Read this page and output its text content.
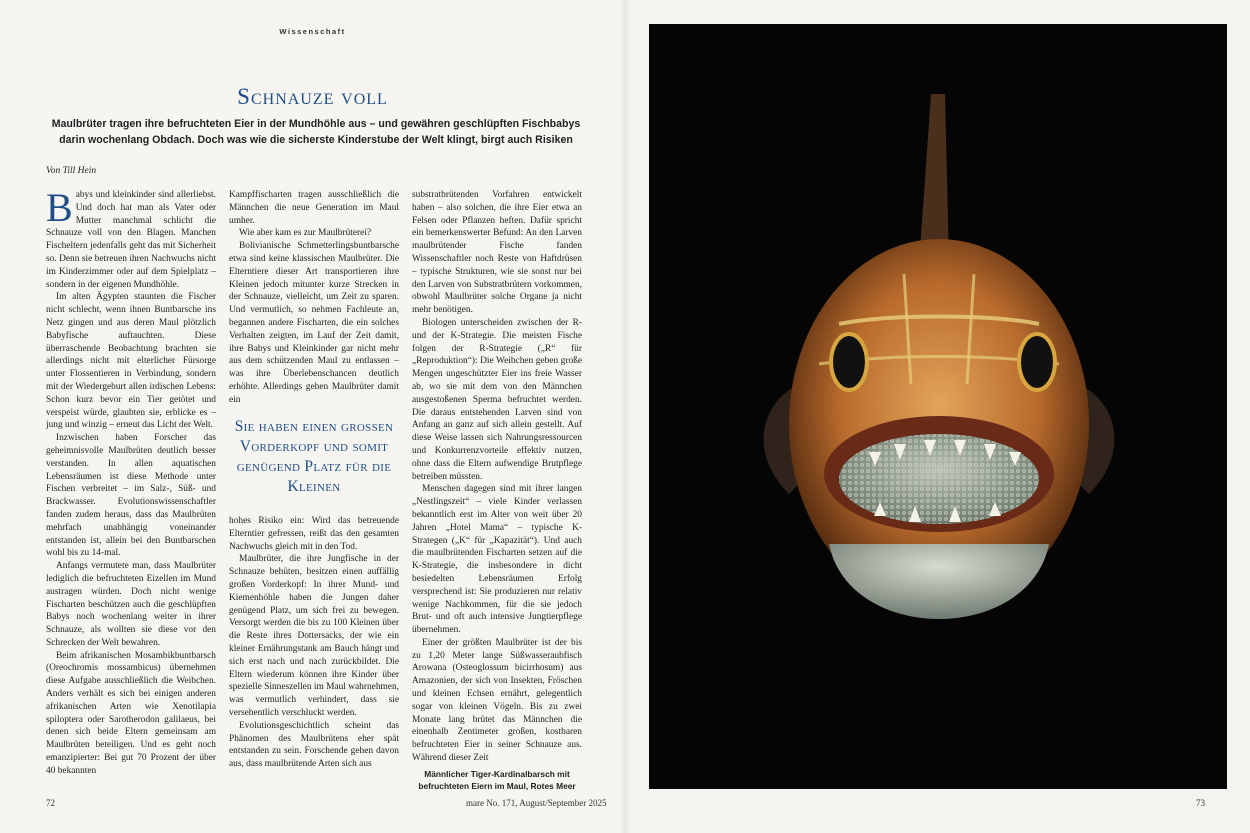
Wissenschaft
Schnauze voll
Maulbrüter tragen ihre befruchteten Eier in der Mundhöhle aus – und gewähren geschlüpften Fischbabys
darin wochenlang Obdach. Doch was wie die sicherste Kinderstube der Welt klingt, birgt auch Risiken
Von Till Hein

Babys und kleinkinder sind allerliebst. Und doch hat man als Vater oder Mutter manchmal schlicht die Schnauze voll von den Blagen. Manchen Fischeltern jedenfalls geht das mit Sicherheit so. Denn sie betreuen ihren Nachwuchs nicht im Kinderzimmer oder auf dem Spielplatz – sondern in der eigenen Mundhöhle.

Im alten Ägypten staunten die Fischer nicht schlecht, wenn ihnen Buntbarsche ins Netz gingen und aus deren Maul plötzlich Babyfische auftauchten. Diese überraschende Beobachtung brachten sie allerdings nicht mit elterlicher Fürsorge unter Flossentieren in Verbindung, sondern mit der Wiedergeburt allen irdischen Lebens: Schon kurz bevor ein Tier getötet und verspeist würde, glaubten sie, erblicke es – jung und winzig – erneut das Licht der Welt.

Inzwischen haben Forscher das geheimnisvolle Maulbrüten deutlich besser verstanden. In allen aquatischen Lebensräumen ist diese Methode unter Fischen verbreitet – im Salz-, Süß- und Brackwasser. Evolutionswissenschaftler fanden zudem heraus, dass das Maulbrüten mehrfach unabhängig voneinander entstanden ist, allein bei den Buntbarschen wohl bis zu 14-mal.

Anfangs vermutete man, dass Maulbrüter lediglich die befruchteten Eizellen im Mund austragen würden. Doch nicht wenige Fischarten beschützen auch die geschlüpften Babys noch wochenlang weiter in ihrer Schnauze, als wollten sie diese vor den Schrecken der Welt bewahren.

Beim afrikanischen Mosambikbuntbarsch (Oreochromis mossambicus) übernehmen diese Aufgabe ausschließlich die Weibchen. Anders verhält es sich bei einigen anderen afrikanischen Arten wie Xenotilapia spiloptera oder Sarotherodon galilaeus, bei denen sich beide Eltern gemeinsam am Maulbrüten beteiligen. Und es geht noch emanzipierter: Bei gut 70 Prozent der über 40 bekannten

Kampffischarten tragen ausschließlich die Männchen die neue Generation im Maul umher.

Wie aber kam es zur Maulbrüterei?

Bolivianische Schmetterlingsbuntbarsche etwa sind keine klassischen Maulbrüter. Die Elterntiere dieser Art transportieren ihre Kleinen jedoch mitunter kurze Strecken in der Schnauze, vielleicht, um Zeit zu sparen. Und vermutlich, so nehmen Fachleute an, begannen andere Fischarten, die ein solches Verhalten zeigten, im Lauf der Zeit damit, ihre Babys und Kleinkinder gar nicht mehr aus dem schützenden Maul zu entlassen – was ihre Überlebenschancen deutlich erhöhte. Allerdings gehen Maulbrüter damit ein

Sie haben einen grossen Vorderkopf und somit genügend Platz für die Kleinen

hohes Risiko ein: Wird das betreuende Elterntier gefressen, reißt das den gesamten Nachwuchs gleich mit in den Tod.

Maulbrüter, die ihre Jungfische in der Schnauze behüten, besitzen einen auffällig großen Vorderkopf: In ihrer Mund- und Kiemenhöhle haben die Jungen daher genügend Platz, um sich frei zu bewegen. Versorgt werden die bis zu 100 Kleinen über die Reste ihres Dottersacks, der wie ein kleiner Ernährungstank am Bauch hängt und sich erst nach und nach zurückbildet. Die Eltern wiederum können ihre Kinder über spezielle Sinneszellen im Maul wahrnehmen, was vermutlich verhindert, dass sie versehentlich verschluckt werden.

Evolutionsgeschichtlich scheint das Phänomen des Maulbrütens eher spät entstanden zu sein. Forschende gehen davon aus, dass maulbrütende Arten sich aus

substratbrütenden Vorfahren entwickelt haben – also solchen, die ihre Eier etwa an Felsen oder Pflanzen heften. Dafür spricht ein bemerkenswerter Befund: An den Larven maulbrütender Fische fanden Wissenschaftler noch Reste von Haftdrüsen – typische Strukturen, wie sie sonst nur bei den Larven von Substratbrütern vorkommen, obwohl Maulbrüter solche Organe ja nicht mehr benötigen.

Biologen unterscheiden zwischen der R- und der K-Strategie. Die meisten Fische folgen der R-Strategie („R“ für „Reproduktion“): Die Weibchen geben große Mengen ungeschützter Eier ins freie Wasser ab, wo sie mit dem von den Männchen ausgestoßenen Sperma befruchtet werden. Die daraus entstehenden Larven sind von Anfang an ganz auf sich allein gestellt. Auf diese Weise lassen sich Nahrungsressourcen und Konkurrenzvorteile effektiv nutzen, ohne dass die Eltern aufwendige Brutpflege betreiben müssten.

Menschen dagegen sind mit ihrer langen „Nestlingszeit“ – viele Kinder verlassen bekanntlich erst im Alter von weit über 20 Jahren „Hotel Mama“ – typische K-Strategen („K“ für „Kapazität“). Und auch die maulbrütenden Fischarten setzen auf die K-Strategie, die insbesondere in dicht besiedelten Lebensräumen Erfolg versprechend ist: Sie produzieren nur relativ wenige Nachkommen, für die sie jedoch Brut- und oft auch intensive Jungtierpflege übernehmen.

Einer der größten Maulbrüter ist der bis zu 1,20 Meter lange Süßwasseraubfisch Arowana (Osteoglossum bicirrhosum) aus Amazonien, der sich von Insekten, Fröschen und kleinen Echsen ernährt, gelegentlich sogar von kleinen Vögeln. Bis zu zwei Monate lang brütet das Männchen die einenhalb Zentimeter großen, kostbaren befruchteten Eier in seiner Schnauze aus. Während dieser Zeit

Männlicher Tiger-Kardinalbarsch mit
befruchteten Eiern im Maul, Rotes Meer
72	mare No. 171, August/September 2025	73
